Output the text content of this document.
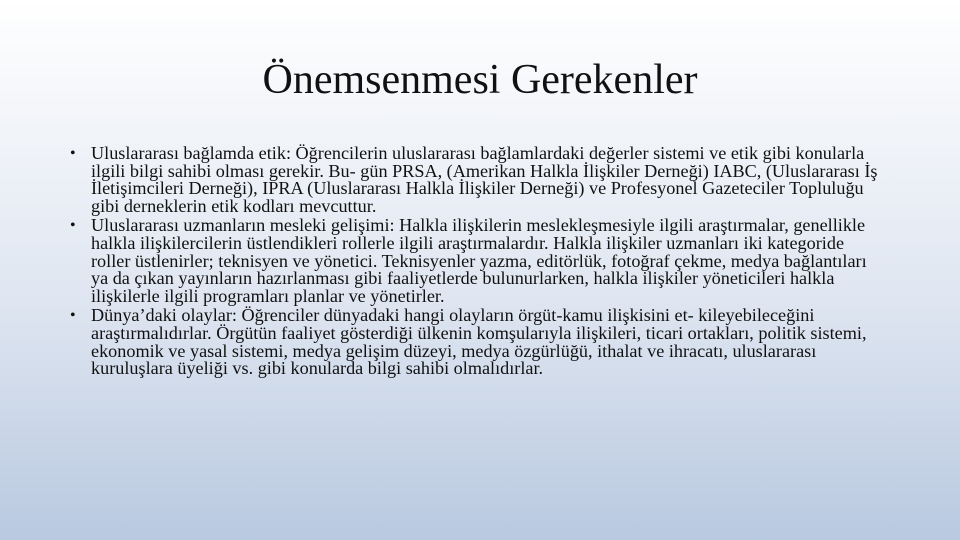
Önemsenmesi Gerekenler
• Uluslararası bağlamda etik: Öğrencilerin uluslararası bağlamlardaki değerler sistemi ve etik gibi konularla ilgili bilgi sahibi olması gerekir. Bu- gün PRSA, (Amerikan Halkla İlişkiler Derneği) IABC, (Uluslararası İş İletişimcileri Derneği), IPRA (Uluslararası Halkla İlişkiler Derneği) ve Profesyonel Gazeteciler Topluluğu gibi derneklerin etik kodları mevcuttur.
• Uluslararası uzmanların mesleki gelişimi: Halkla ilişkilerin meslekleşmesiyle ilgili araştırmalar, genellikle halkla ilişkilercilerin üstlendikleri rollerle ilgili araştırmalardır. Halkla ilişkiler uzmanları iki kategoride roller üstlenirler; teknisyen ve yönetici. Teknisyenler yazma, editörlük, fotoğraf çekme, medya bağlantıları ya da çıkan yayınların hazırlanması gibi faaliyetlerde bulunurlarken, halkla ilişkiler yöneticileri halkla ilişkilerle ilgili programları planlar ve yönetirler.
• Dünya’daki olaylar: Öğrenciler dünyadaki hangi olayların örgüt-kamu ilişkisini et- kileyebileceğini araştırmalıdırlar. Örgütün faaliyet gösterdiği ülkenin komşularıyla ilişkileri, ticari ortakları, politik sistemi, ekonomik ve yasal sistemi, medya gelişim düzeyi, medya özgürlüğü, ithalat ve ihracatı, uluslararası kuruluşlara üyeliği vs. gibi konularda bilgi sahibi olmalıdırlar.
